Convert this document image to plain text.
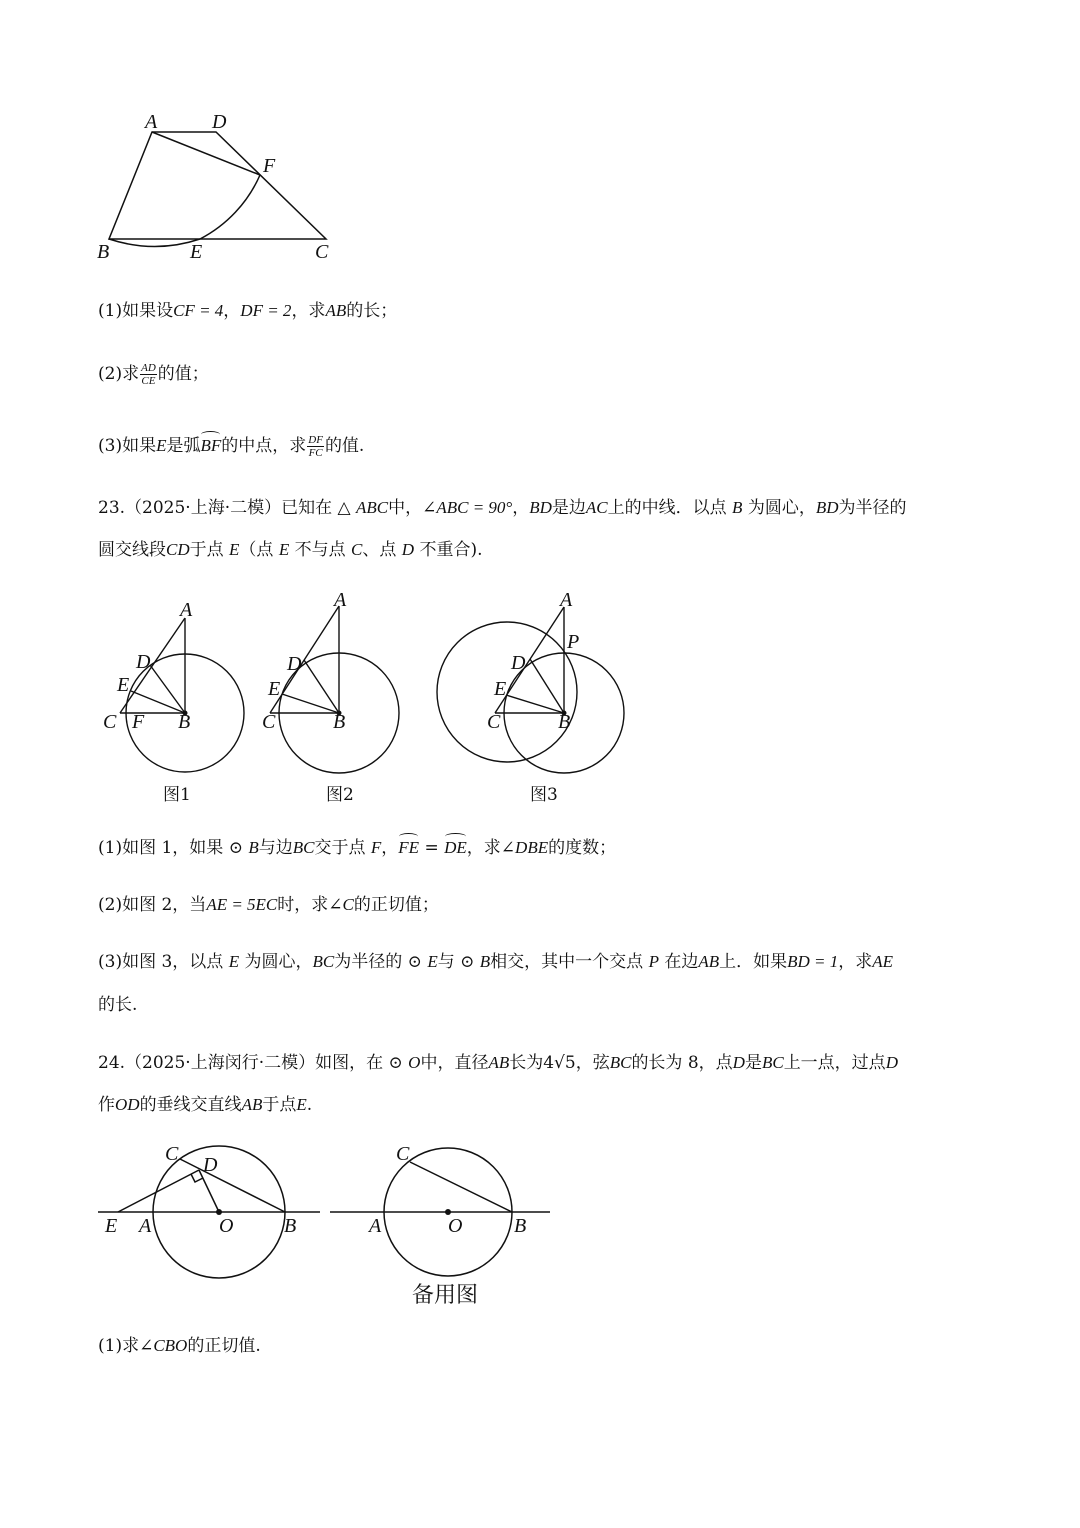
A	D
F
B	E	C
A
D
E
C F B
图1
A
D
E
C	B
图2
A
P
D
E
C	B
图3
C D
E A	O	B
C
A	O	B
备用图
(1)如果设CF = 4，DF = 2，求AB的长；
(2)求 $\frac{AD}{CE}$ 的值；
(3)如果E是弧BF的中点，求 $\frac{DF}{FC}$ 的值.
23.（2025·上海·二模）已知在 △ ABC中，∠ABC = 90°，BD是边AC上的中线．以点 B 为圆心，BD为半径的
圆交线段CD于点 E（点 E 不与点 C、点 D 不重合).
(1)如图 1，如果 ⊙ B与边BC交于点 F，FE = DE，求∠DBE的度数；
(2)如图 2，当AE = 5EC时，求∠C的正切值；
(3)如图 3，以点 E 为圆心，BC为半径的 ⊙ E与 ⊙ B相交，其中一个交点 P 在边AB上．如果BD = 1，求AE
的长.
24.（2025·上海闵行·二模）如图，在 ⊙ O中，直径AB长为4√5，弦BC的长为 8，点D是BC上一点，过点D
作OD的垂线交直线AB于点E.
(1)求∠CBO的正切值.
